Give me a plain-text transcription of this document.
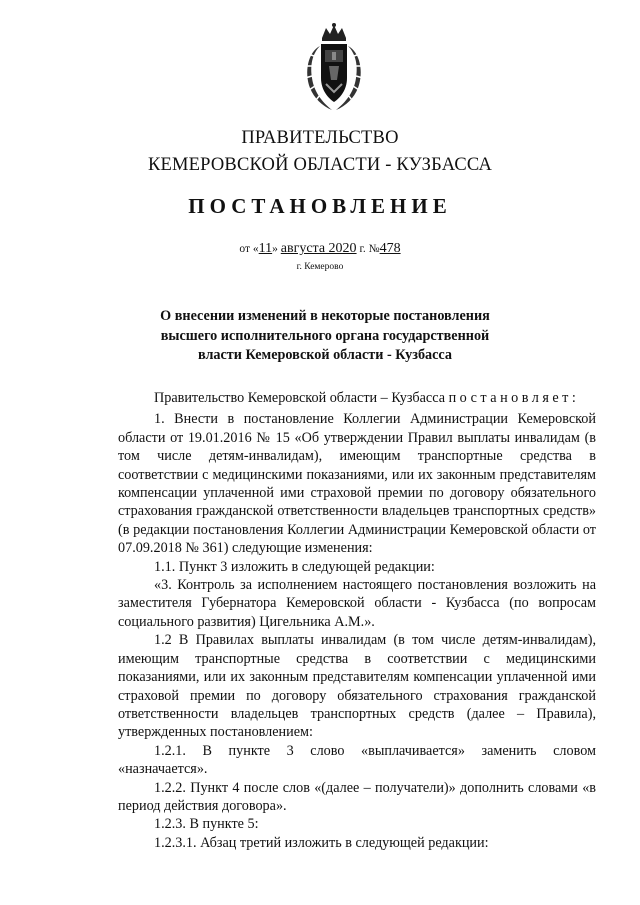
ПРАВИТЕЛЬСТВО
КЕМЕРОВСКОЙ ОБЛАСТИ - КУЗБАССА
ПОСТАНОВЛЕНИЕ
от «11» августа 2020 г. №478
г. Кемерово
О внесении изменений в некоторые постановления
высшего исполнительного органа государственной
власти Кемеровской области - Кузбасса

Правительство Кемеровской области – Кузбасса постановляет:

1. Внести в постановление Коллегии Администрации Кемеровской области от 19.01.2016 № 15 «Об утверждении Правил выплаты инвалидам (в том числе детям-инвалидам), имеющим транспортные средства в соответствии с медицинскими показаниями, или их законным представителям компенсации уплаченной ими страховой премии по договору обязательного страхования гражданской ответственности владельцев транспортных средств» (в редакции постановления Коллегии Администрации Кемеровской области от 07.09.2018 № 361) следующие изменения:

1.1. Пункт 3 изложить в следующей редакции:

«3. Контроль за исполнением настоящего постановления возложить на заместителя Губернатора Кемеровской области - Кузбасса (по вопросам социального развития) Цигельника А.М.».

1.2 В Правилах выплаты инвалидам (в том числе детям-инвалидам), имеющим транспортные средства в соответствии с медицинскими показаниями, или их законным представителям компенсации уплаченной ими страховой премии по договору обязательного страхования гражданской ответственности владельцев транспортных средств (далее – Правила), утвержденных постановлением:

1.2.1. В пункте 3 слово «выплачивается» заменить словом «назначается».

1.2.2. Пункт 4 после слов «(далее – получатели)» дополнить словами «в период действия договора».

1.2.3. В пункте 5:

1.2.3.1. Абзац третий изложить в следующей редакции:
